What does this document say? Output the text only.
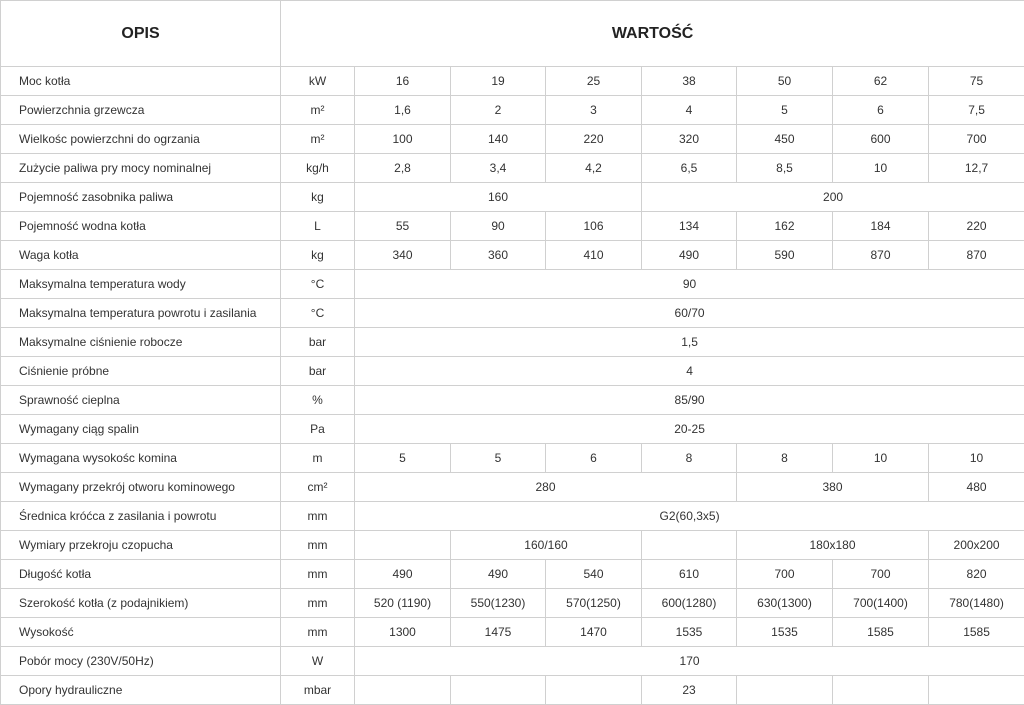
OPIS	WARTOŚĆ							
Moc kotła	kW	16	19	25	38	50	62	75
Powierzchnia grzewcza	m²	1,6	2	3	4	5	6	7,5
Wielkośc powierzchni do ogrzania	m²	100	140	220	320	450	600	700
Zużycie paliwa pry mocy nominalnej	kg/h	2,8	3,4	4,2	6,5	8,5	10	12,7
Pojemność zasobnika paliwa	kg	160			200			
Pojemność wodna kotła	L	55	90	106	134	162	184	220
Waga kotła	kg	340	360	410	490	590	870	870
Maksymalna temperatura wody	°C	90						
Maksymalna temperatura powrotu i zasilania	°C	60/70						
Maksymalne ciśnienie robocze	bar	1,5						
Ciśnienie próbne	bar	4						
Sprawność cieplna	%	85/90						
Wymagany ciąg spalin	Pa	20-25						
Wymagana wysokośc komina	m	5	5	6	8	8	10	10
Wymagany przekrój otworu kominowego	cm²	280				380		480
Średnica króćca z zasilania i powrotu	mm	G2(60,3x5)						
Wymiary przekroju czopucha	mm		160/160			180x180		200x200
Długość kotła	mm	490	490	540	610	700	700	820
Szerokość kotła (z podajnikiem)	mm	520 (1190)	550(1230)	570(1250)	600(1280)	630(1300)	700(1400)	780(1480)
Wysokość	mm	1300	1475	1470	1535	1535	1585	1585
Pobór mocy (230V/50Hz)	W	170						
Opory hydrauliczne	mbar				23			
